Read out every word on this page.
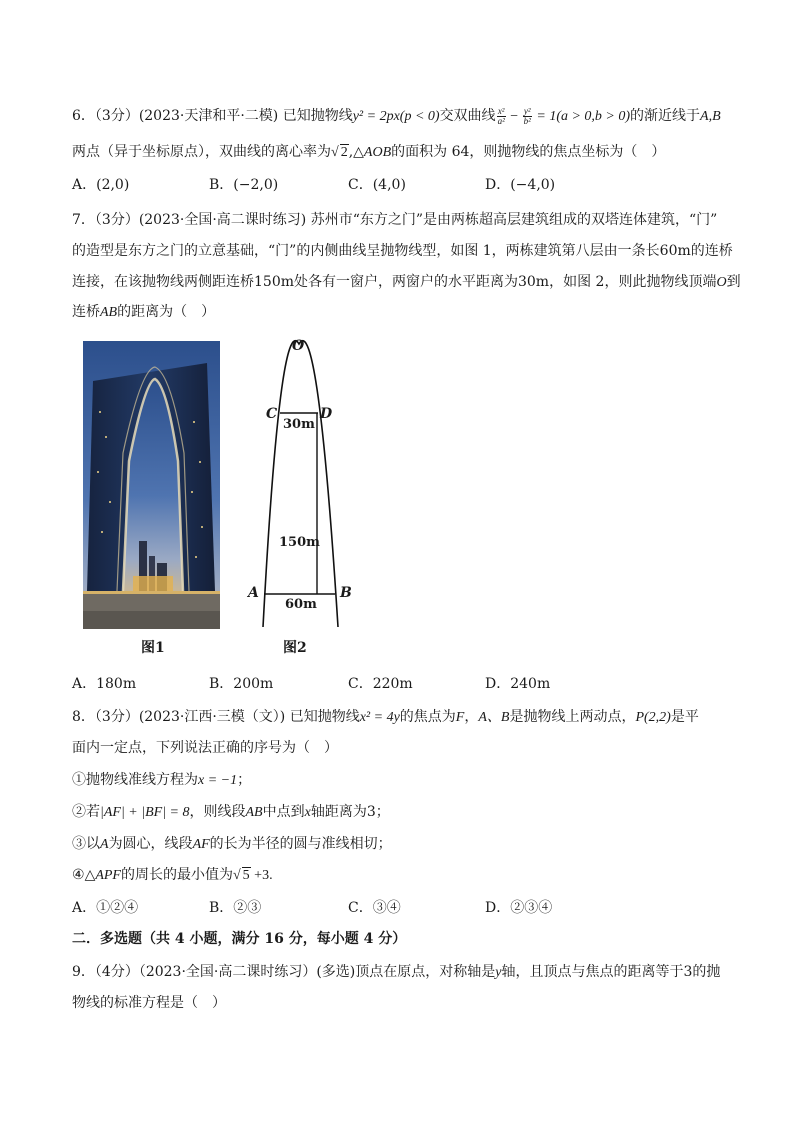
6．（3分）(2023·天津和平·二模) 已知抛物线y² = 2px(p < 0)交双曲线 $\frac{\text{x²}}{\text{a²}} - \frac{\text{y²}}{\text{b²}} = 1(a > 0,b > 0)$的渐近线于A,B
两点（异于坐标原点），双曲线的离心率为√ 2,△AOB的面积为 64，则抛物线的焦点坐标为（　）
A．(2,0)	B．(−2,0)	C．(4,0)	D．(−4,0)
7．（3分）(2023·全国·高二课时练习) 苏州市“东方之门”是由两栋超高层建筑组成的双塔连体建筑，“门”
的造型是东方之门的立意基础，“门”的内侧曲线呈抛物线型，如图 1，两栋建筑第八层由一条长60m的连桥
连接，在该抛物线两侧距连桥150m处各有一窗户，两窗户的水平距离为30m，如图 2，则此抛物线顶端O到
连桥AB的距离为（　）
图1
O
C	D
30m
150m
A	B
60m
图2
A．180m	B．200m	C．220m	D．240m
8．（3分）(2023·江西·三模（文）) 已知抛物线x² = 4y的焦点为F，A、B是抛物线上两动点，P(2,2)是平
面内一定点，下列说法正确的序号为（　）
①抛物线准线方程为x = −1；
②若|AF| + |BF| = 8，则线段AB中点到x轴距离为3；
③以A为圆心，线段AF的长为半径的圆与准线相切；
④△APF的周长的最小值为√ 5 +3.
A．①②④	B．②③	C．③④	D．②③④
二．多选题（共 4 小题，满分 16 分，每小题 4 分）
9．（4分）（2023·全国·高二课时练习）(多选)顶点在原点，对称轴是y轴，且顶点与焦点的距离等于3的抛
物线的标准方程是（　）
